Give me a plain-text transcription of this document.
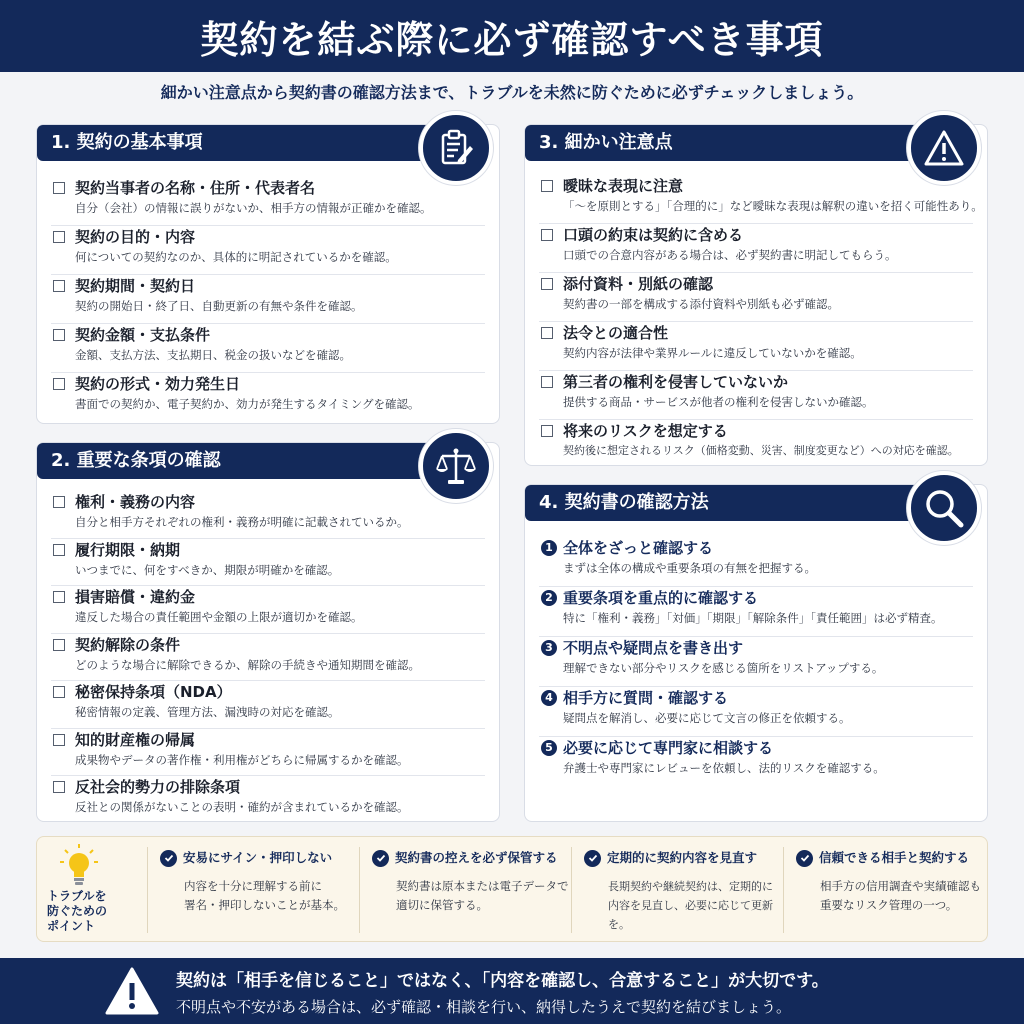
契約を結ぶ際に必ず確認すべき事項
細かい注意点から契約書の確認方法まで、トラブルを未然に防ぐために必ずチェックしましょう。
1. 契約の基本事項
契約当事者の名称・住所・代表者名
自分（会社）の情報に誤りがないか、相手方の情報が正確かを確認。
契約の目的・内容
何についての契約なのか、具体的に明記されているかを確認。
契約期間・契約日
契約の開始日・終了日、自動更新の有無や条件を確認。
契約金額・支払条件
金額、支払方法、支払期日、税金の扱いなどを確認。
契約の形式・効力発生日
書面での契約か、電子契約か、効力が発生するタイミングを確認。
2. 重要な条項の確認
権利・義務の内容
自分と相手方それぞれの権利・義務が明確に記載されているか。
履行期限・納期
いつまでに、何をすべきか、期限が明確かを確認。
損害賠償・違約金
違反した場合の責任範囲や金額の上限が適切かを確認。
契約解除の条件
どのような場合に解除できるか、解除の手続きや通知期間を確認。
秘密保持条項（NDA）
秘密情報の定義、管理方法、漏洩時の対応を確認。
知的財産権の帰属
成果物やデータの著作権・利用権がどちらに帰属するかを確認。
反社会的勢力の排除条項
反社との関係がないことの表明・確約が含まれているかを確認。
3. 細かい注意点
曖昧な表現に注意
「〜を原則とする」「合理的に」など曖昧な表現は解釈の違いを招く可能性あり。
口頭の約束は契約に含める
口頭での合意内容がある場合は、必ず契約書に明記してもらう。
添付資料・別紙の確認
契約書の一部を構成する添付資料や別紙も必ず確認。
法令との適合性
契約内容が法律や業界ルールに違反していないかを確認。
第三者の権利を侵害していないか
提供する商品・サービスが他者の権利を侵害しないか確認。
将来のリスクを想定する
契約後に想定されるリスク（価格変動、災害、制度変更など）への対応を確認。
4. 契約書の確認方法
1 全体をざっと確認する
まずは全体の構成や重要条項の有無を把握する。
2 重要条項を重点的に確認する
特に「権利・義務」「対価」「期限」「解除条件」「責任範囲」は必ず精査。
3 不明点や疑問点を書き出す
理解できない部分やリスクを感じる箇所をリストアップする。
4 相手方に質問・確認する
疑問点を解消し、必要に応じて文言の修正を依頼する。
5 必要に応じて専門家に相談する
弁護士や専門家にレビューを依頼し、法的リスクを確認する。
トラブルを
防ぐための
ポイント
安易にサイン・押印しない
内容を十分に理解する前に
署名・押印しないことが基本。
契約書の控えを必ず保管する
契約書は原本または電子データで
適切に保管する。
定期的に契約内容を見直す
長期契約や継続契約は、定期的に
内容を見直し、必要に応じて更新を。
信頼できる相手と契約する
相手方の信用調査や実績確認も
重要なリスク管理の一つ。
契約は「相手を信じること」ではなく、「内容を確認し、合意すること」が大切です。
不明点や不安がある場合は、必ず確認・相談を行い、納得したうえで契約を結びましょう。
